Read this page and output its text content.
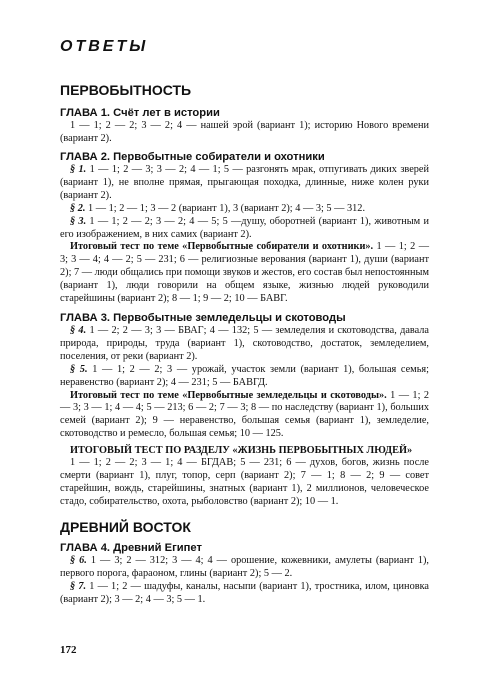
ОТВЕТЫ
ПЕРВОБЫТНОСТЬ
ГЛАВА 1. Счёт лет в истории

1 — 1; 2 — 2; 3 — 2; 4 — нашей эрой (вариант 1); историю Нового времени (вариант 2).

ГЛАВА 2. Первобытные собиратели и охотники

§ 1. 1 — 1; 2 — 3; 3 — 2; 4 — 1; 5 — разгонять мрак, отпугивать диких зверей (вариант 1), не вполне прямая, прыгающая походка, длинные, ниже колен руки (вариант 2).

§ 2. 1 — 1; 2 — 1; 3 — 2 (вариант 1), 3 (вариант 2); 4 — 3; 5 — 312.

§ 3. 1 — 1; 2 — 2; 3 — 2; 4 — 5; 5 —душу, оборотней (вариант 1), животным и его изображением, в них самих (вариант 2).

Итоговый тест по теме «Первобытные собиратели и охотники». 1 — 1; 2 — 3; 3 — 4; 4 — 2; 5 — 231; 6 — религиозные верования (вариант 1), души (вариант 2); 7 — люди общались при помощи звуков и жестов, его состав был непостоянным (вариант 1), люди говорили на общем языке, жизнью людей руководили старейшины (вариант 2); 8 — 1; 9 — 2; 10 — БАВГ.

ГЛАВА 3. Первобытные земледельцы и скотоводы

§ 4. 1 — 2; 2 — 3; 3 — БВАГ; 4 — 132; 5 — земледелия и скотоводства, давала природа, природы, труда (вариант 1), скотоводство, достаток, земледелием, поселения, от реки (вариант 2).

§ 5. 1 — 1; 2 — 2; 3 — урожай, участок земли (вариант 1), большая семья; неравенство (вариант 2); 4 — 231; 5 — БАВГД.

Итоговый тест по теме «Первобытные земледельцы и скотоводы». 1 — 1; 2 — 3; 3 — 1; 4 — 4; 5 — 213; 6 — 2; 7 — 3; 8 — по наследству (вариант 1), больших семей (вариант 2); 9 — неравенство, большая семья (вариант 1), земледелие, скотоводство и ремесло, большая семья; 10 — 125.

ИТОГОВЫЙ ТЕСТ ПО РАЗДЕЛУ «ЖИЗНЬ ПЕРВОБЫТНЫХ ЛЮДЕЙ»

1 — 1; 2 — 2; 3 — 1; 4 — БГДАВ; 5 — 231; 6 — духов, богов, жизнь после смерти (вариант 1), плуг, топор, серп (вариант 2); 7 — 1; 8 — 2; 9 — совет старейшин, вождь, старейшины, знатных (вариант 1), 2 миллионов, человеческое стадо, собирательство, охота, рыболовство (вариант 2); 10 — 1.

ДРЕВНИЙ ВОСТОК
ГЛАВА 4. Древний Египет

§ 6. 1 — 3; 2 — 312; 3 — 4; 4 — орошение, кожевники, амулеты (вариант 1), первого порога, фараоном, глины (вариант 2); 5 — 2.

§ 7. 1 — 1; 2 — шадуфы, каналы, насыпи (вариант 1), тростника, илом, циновка (вариант 2); 3 — 2; 4 — 3; 5 — 1.

172
